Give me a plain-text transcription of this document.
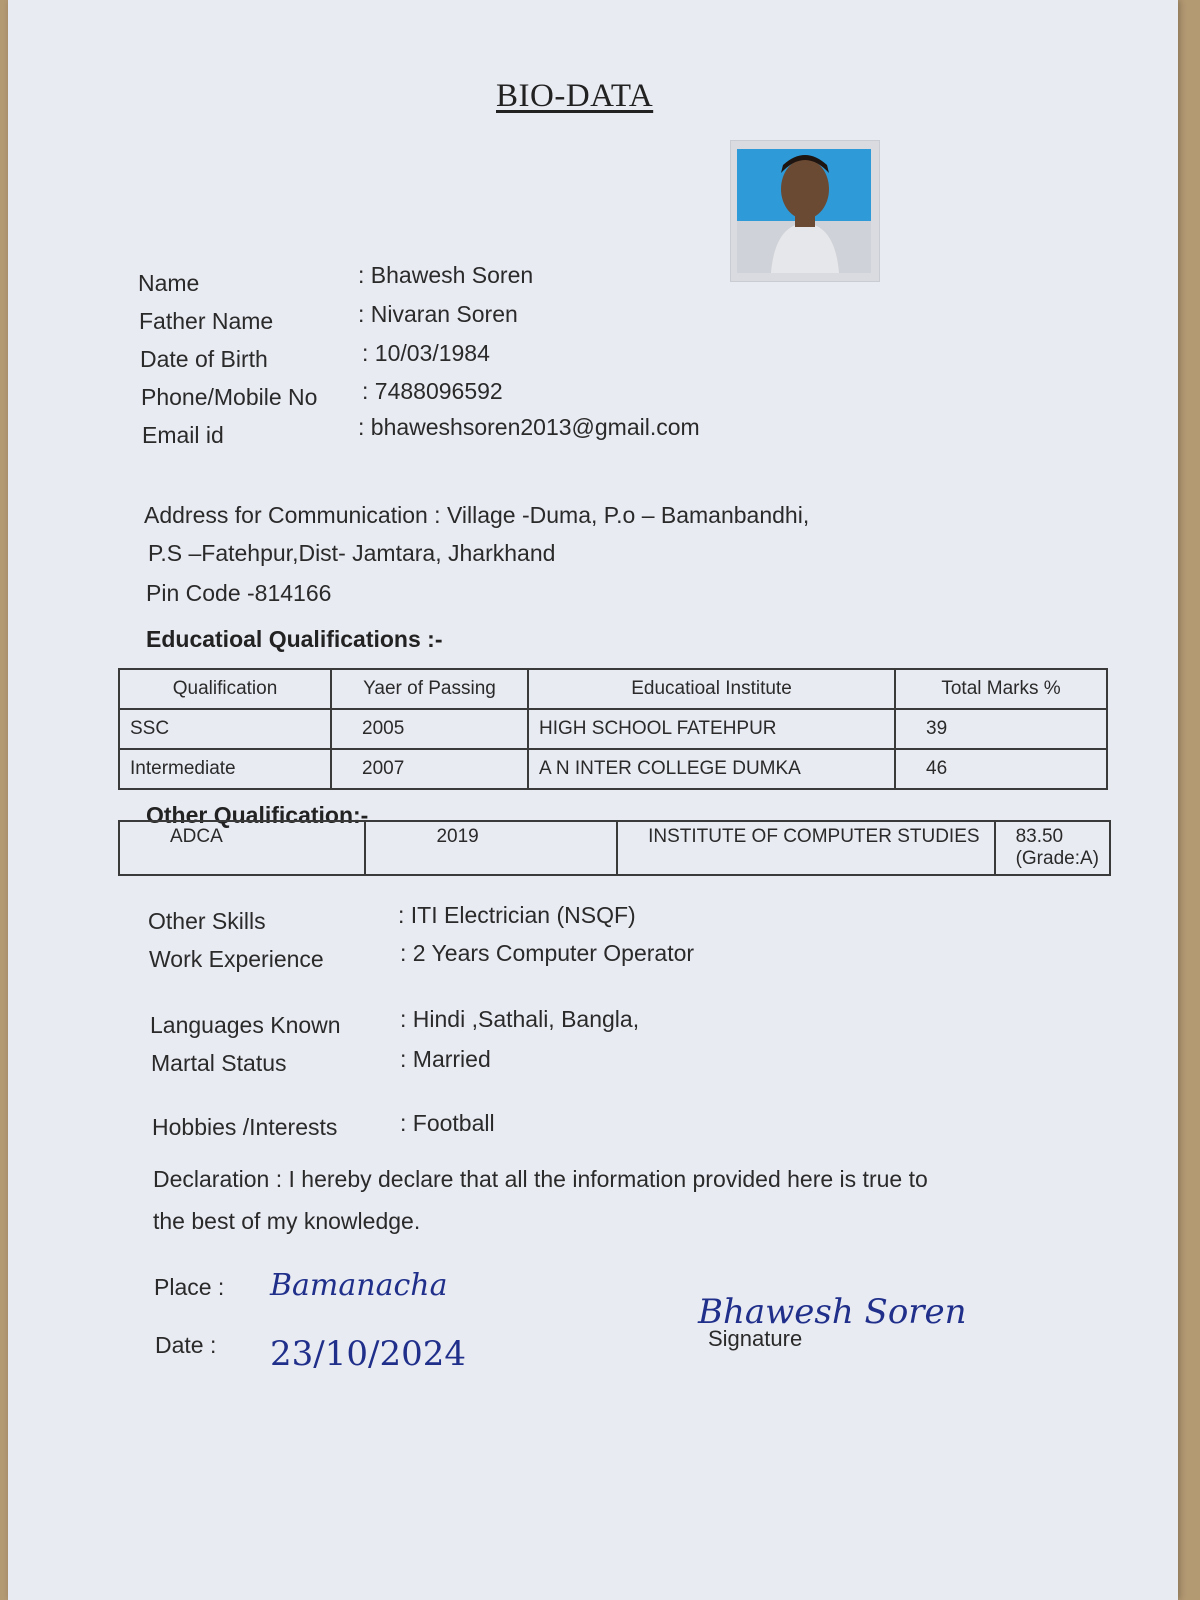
BIO-DATA
Name	: Bhawesh Soren
Father Name	: Nivaran Soren
Date of Birth	: 10/03/1984
Phone/Mobile No : 7488096592
Email id	: bhaweshsoren2013@gmail.com
Address for Communication : Village -Duma, P.o – Bamanbandhi,
P.S –Fatehpur,Dist- Jamtara, Jharkhand
Pin Code -814166
Educatioal Qualifications :-
Qualification	Yaer of Passing	Educatioal Institute	Total Marks %
SSC	2005	HIGH SCHOOL FATEHPUR	39
Intermediate	2007	A N INTER COLLEGE DUMKA	46
Other Qualification:-
ADCA	2019	INSTITUTE OF COMPUTER STUDIES	83.50 (Grade:A)
Other Skills	: ITI Electrician (NSQF)
Work Experience	: 2 Years Computer Operator
Languages Known	: Hindi ,Sathali, Bangla,
Martal Status	: Married
Hobbies /Interests	: Football
Declaration : I hereby declare that all the information provided here is true to
the best of my knowledge.
Place : Bamanacha
Date : 23/10/2024
Bhawesh Soren
Signature
